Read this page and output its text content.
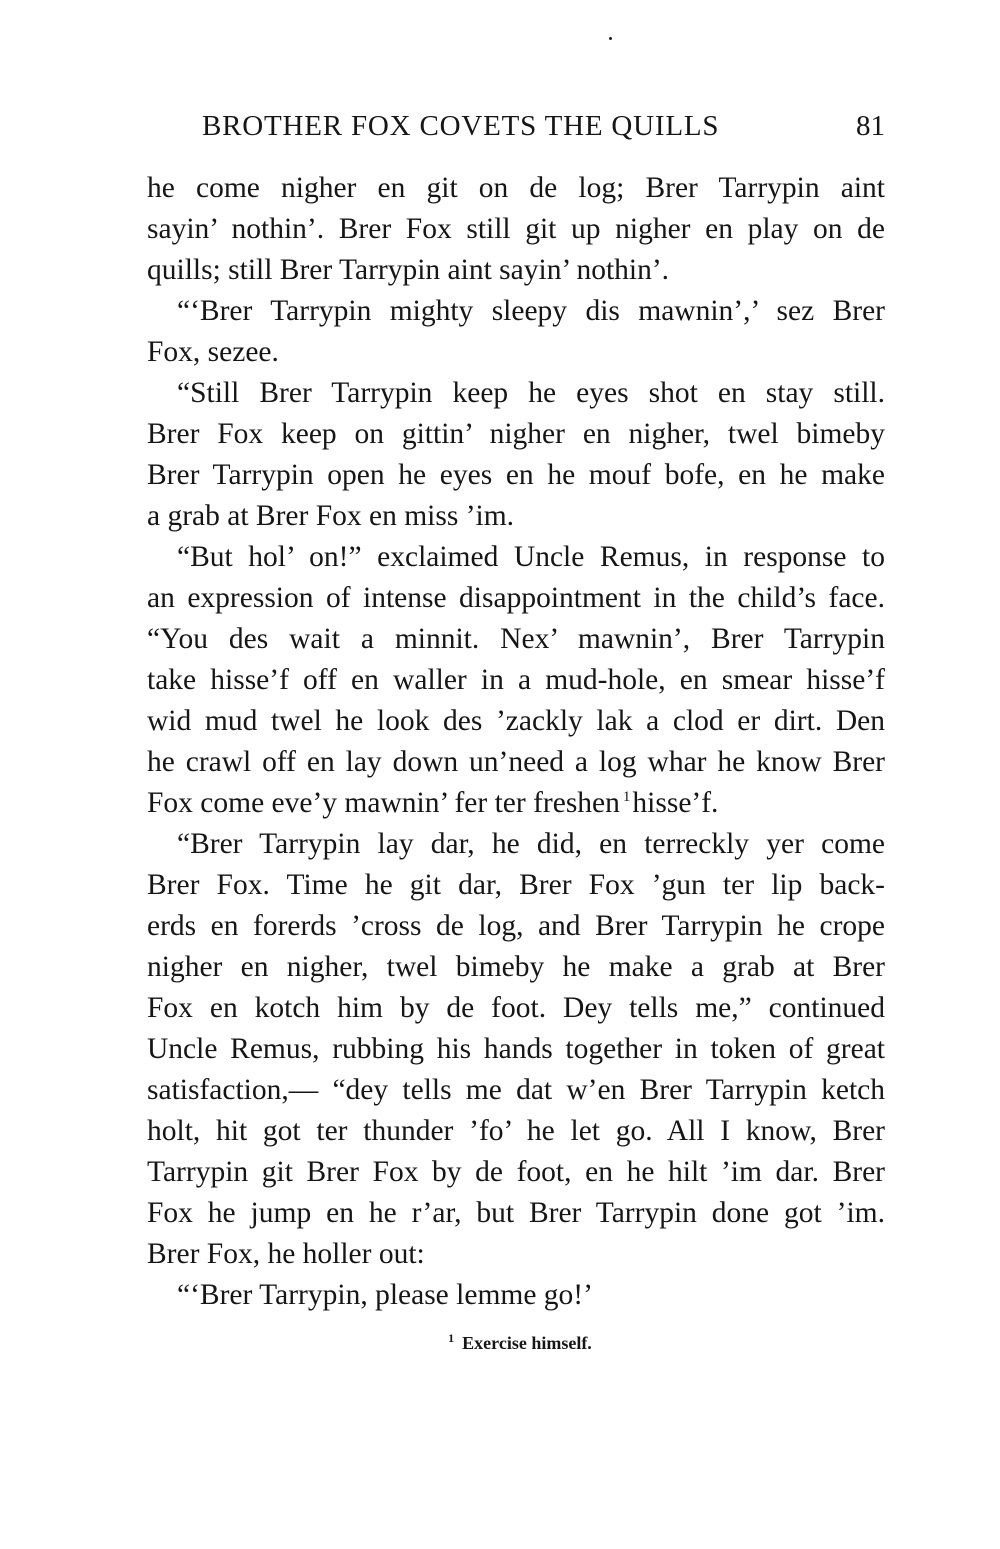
BROTHER FOX COVETS THE QUILLS	81
he come nigher en git on de log; Brer Tarrypin aint
sayin’ nothin’. Brer Fox still git up nigher en play on de
quills; still Brer Tarrypin aint sayin’ nothin’.
“‘Brer Tarrypin mighty sleepy dis mawnin’,’ sez Brer
Fox, sezee.
“Still Brer Tarrypin keep he eyes shot en stay still.
Brer Fox keep on gittin’ nigher en nigher, twel bimeby
Brer Tarrypin open he eyes en he mouf bofe, en he make
a grab at Brer Fox en miss ’im.
“But hol’ on!” exclaimed Uncle Remus, in response to
an expression of intense disappointment in the child’s face.
“You des wait a minnit. Nex’ mawnin’, Brer Tarrypin
take hisse’f off en waller in a mud-hole, en smear hisse’f
wid mud twel he look des ’zackly lak a clod er dirt. Den
he crawl off en lay down un’need a log whar he know Brer
Fox come eve’y mawnin’ fer ter freshen $^1$hisse’f.
“Brer Tarrypin lay dar, he did, en terreckly yer come
Brer Fox. Time he git dar, Brer Fox ’gun ter lip back-
erds en forerds ’cross de log, and Brer Tarrypin he crope
nigher en nigher, twel bimeby he make a grab at Brer
Fox en kotch him by de foot. Dey tells me,” continued
Uncle Remus, rubbing his hands together in token of great
satisfaction,— “dey tells me dat w’en Brer Tarrypin ketch
holt, hit got ter thunder ’fo’ he let go. All I know, Brer
Tarrypin git Brer Fox by de foot, en he hilt ’im dar. Brer
Fox he jump en he r’ar, but Brer Tarrypin done got ’im.
Brer Fox, he holler out:
“‘Brer Tarrypin, please lemme go!’
$^1$ Exercise himself.
